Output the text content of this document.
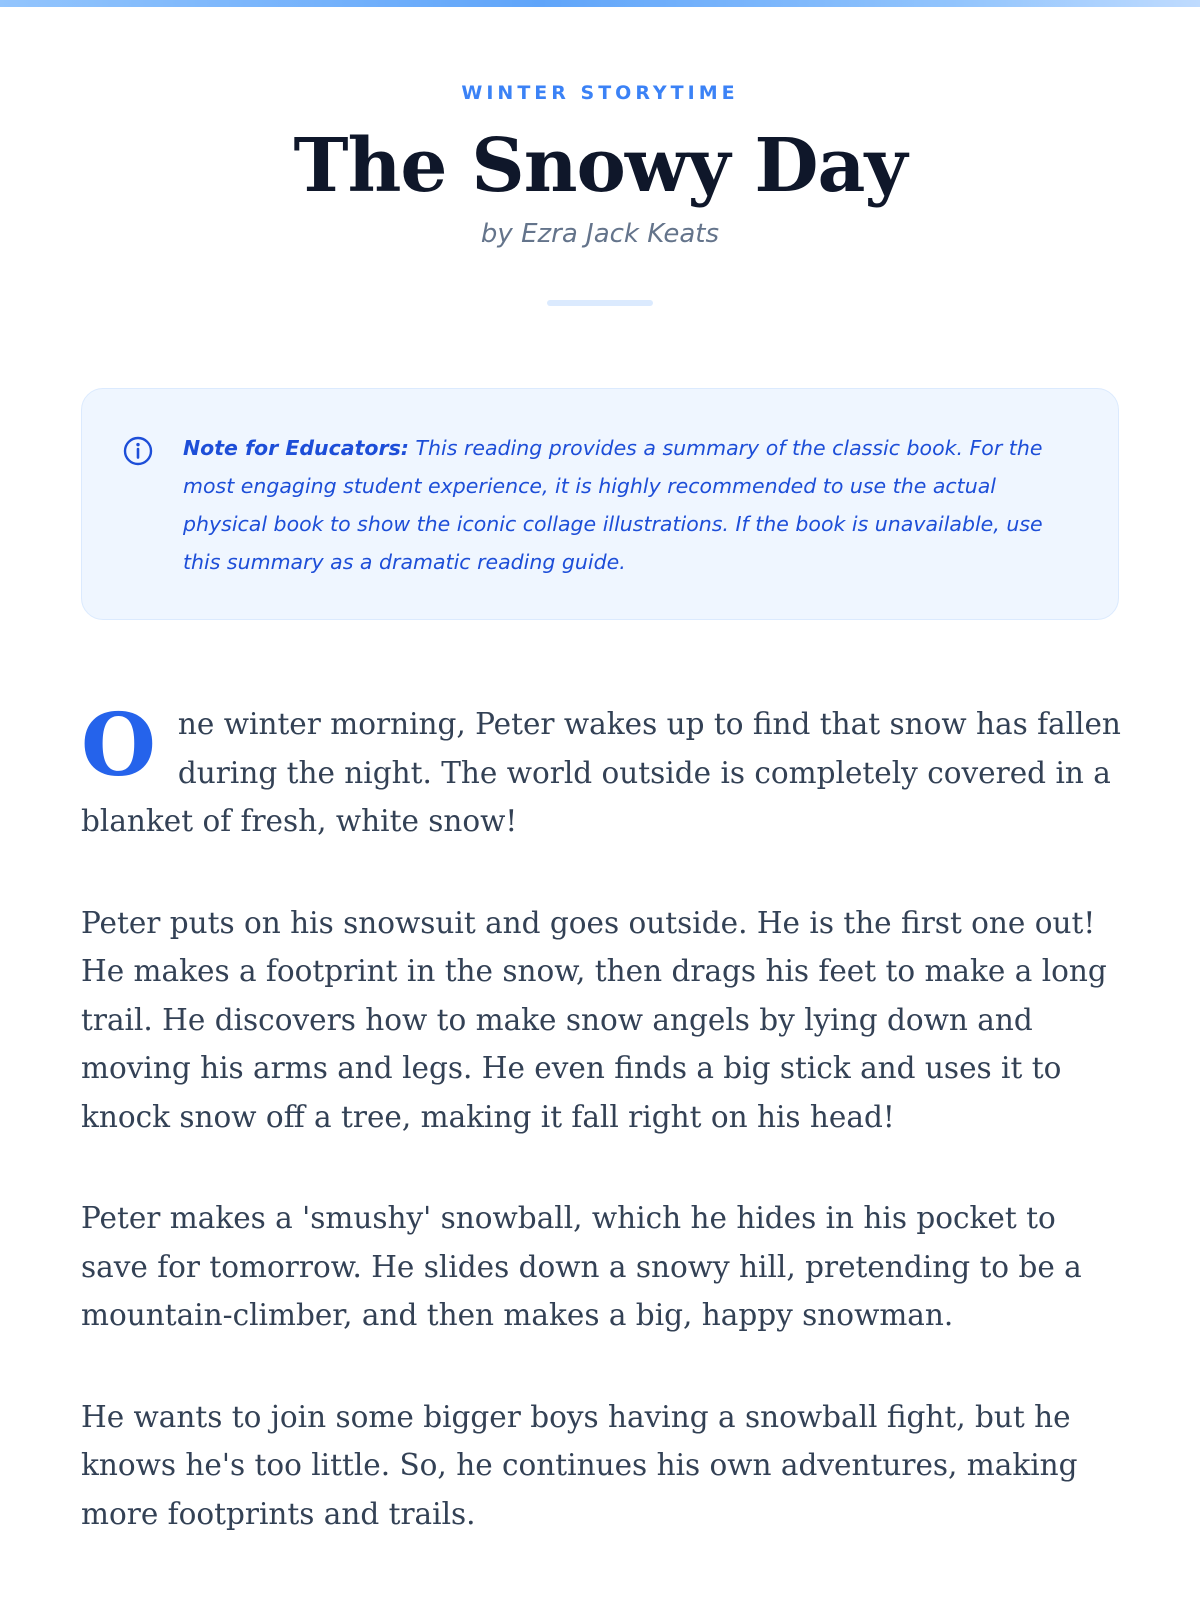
WINTER STORYTIME

The Snowy Day

by Ezra Jack Keats

Note for Educators: This reading provides a summary of the classic book. For the most engaging student experience, it is highly recommended to use the actual physical book to show the iconic collage illustrations. If the book is unavailable, use this summary as a dramatic reading guide.

One winter morning, Peter wakes up to find that snow has fallen during the night. The world outside is completely covered in a blanket of fresh, white snow!

Peter puts on his snowsuit and goes outside. He is the first one out! He makes a footprint in the snow, then drags his feet to make a long trail. He discovers how to make snow angels by lying down and moving his arms and legs. He even finds a big stick and uses it to knock snow off a tree, making it fall right on his head!

Peter makes a 'smushy' snowball, which he hides in his pocket to save for tomorrow. He slides down a snowy hill, pretending to be a mountain-climber, and then makes a big, happy snowman.

He wants to join some bigger boys having a snowball fight, but he knows he's too little. So, he continues his own adventures, making more footprints and trails.
